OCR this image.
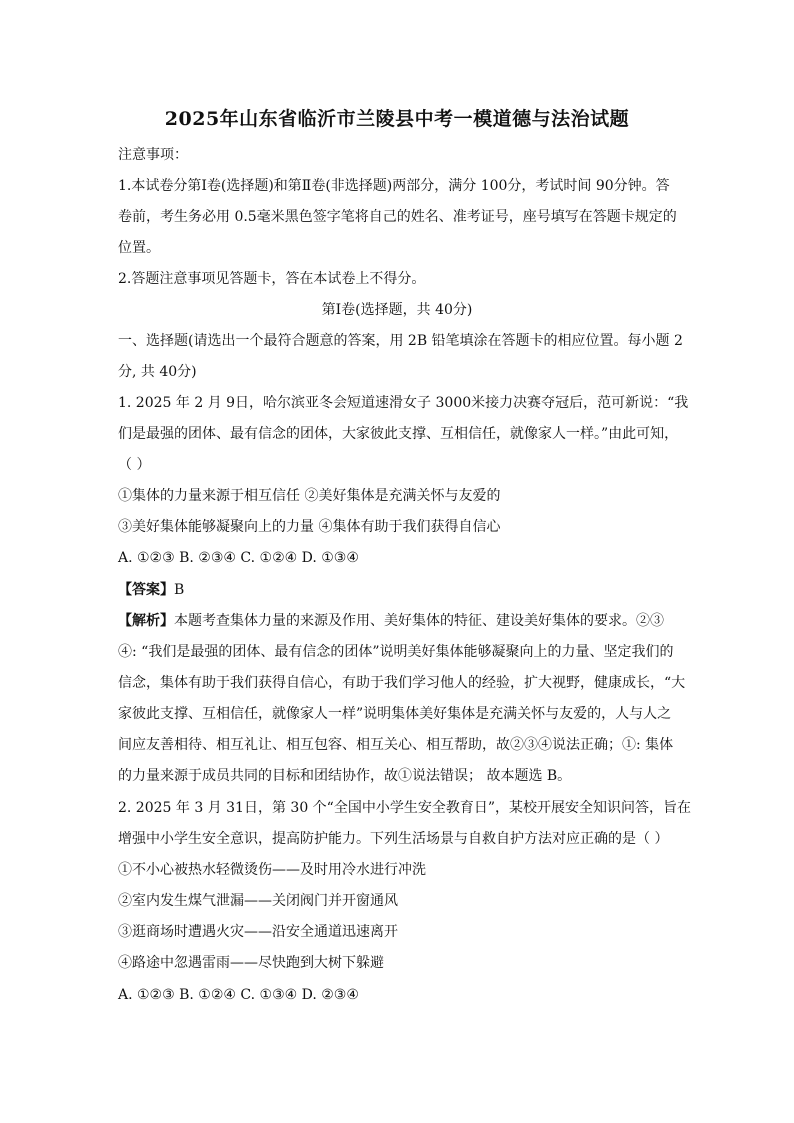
2025年山东省临沂市兰陵县中考一模道德与法治试题
注意事项：
1.本试卷分第Ⅰ卷(选择题)和第Ⅱ卷(非选择题)两部分，满分 100分，考试时间 90分钟。答
卷前，考生务必用 0.5毫米黑色签字笔将自己的姓名、准考证号，座号填写在答题卡规定的
位置。
2.答题注意事项见答题卡，答在本试卷上不得分。
第Ⅰ卷(选择题，共 40分)
一、选择题(请选出一个最符合题意的答案，用 2B 铅笔填涂在答题卡的相应位置。每小题 2
分, 共 40分)
1. 2025 年 2 月 9日，哈尔滨亚冬会短道速滑女子 3000米接力决赛夺冠后，范可新说：“我
们是最强的团体、最有信念的团体，大家彼此支撑、互相信任，就像家人一样。”由此可知，
（ ）
①集体的力量来源于相互信任 ②美好集体是充满关怀与友爱的
③美好集体能够凝聚向上的力量 ④集体有助于我们获得自信心
A. ①②③ B. ②③④ C. ①②④ D. ①③④
【答案】B
【解析】本题考查集体力量的来源及作用、美好集体的特征、建设美好集体的要求。②③
④: “我们是最强的团体、最有信念的团体”说明美好集体能够凝聚向上的力量、坚定我们的
信念，集体有助于我们获得自信心，有助于我们学习他人的经验，扩大视野，健康成长，“大
家彼此支撑、互相信任，就像家人一样”说明集体美好集体是充满关怀与友爱的，人与人之
间应友善相待、相互礼让、相互包容、相互关心、相互帮助，故②③④说法正确；①: 集体
的力量来源于成员共同的目标和团结协作，故①说法错误； 故本题选 B。
2. 2025 年 3 月 31日，第 30 个“全国中小学生安全教育日”，某校开展安全知识问答，旨在
增强中小学生安全意识，提高防护能力。下列生活场景与自救自护方法对应正确的是（ ）
①不小心被热水轻微烫伤——及时用冷水进行冲洗
②室内发生煤气泄漏——关闭阀门并开窗通风
③逛商场时遭遇火灾——沿安全通道迅速离开
④路途中忽遇雷雨——尽快跑到大树下躲避
A. ①②③ B. ①②④ C. ①③④ D. ②③④
